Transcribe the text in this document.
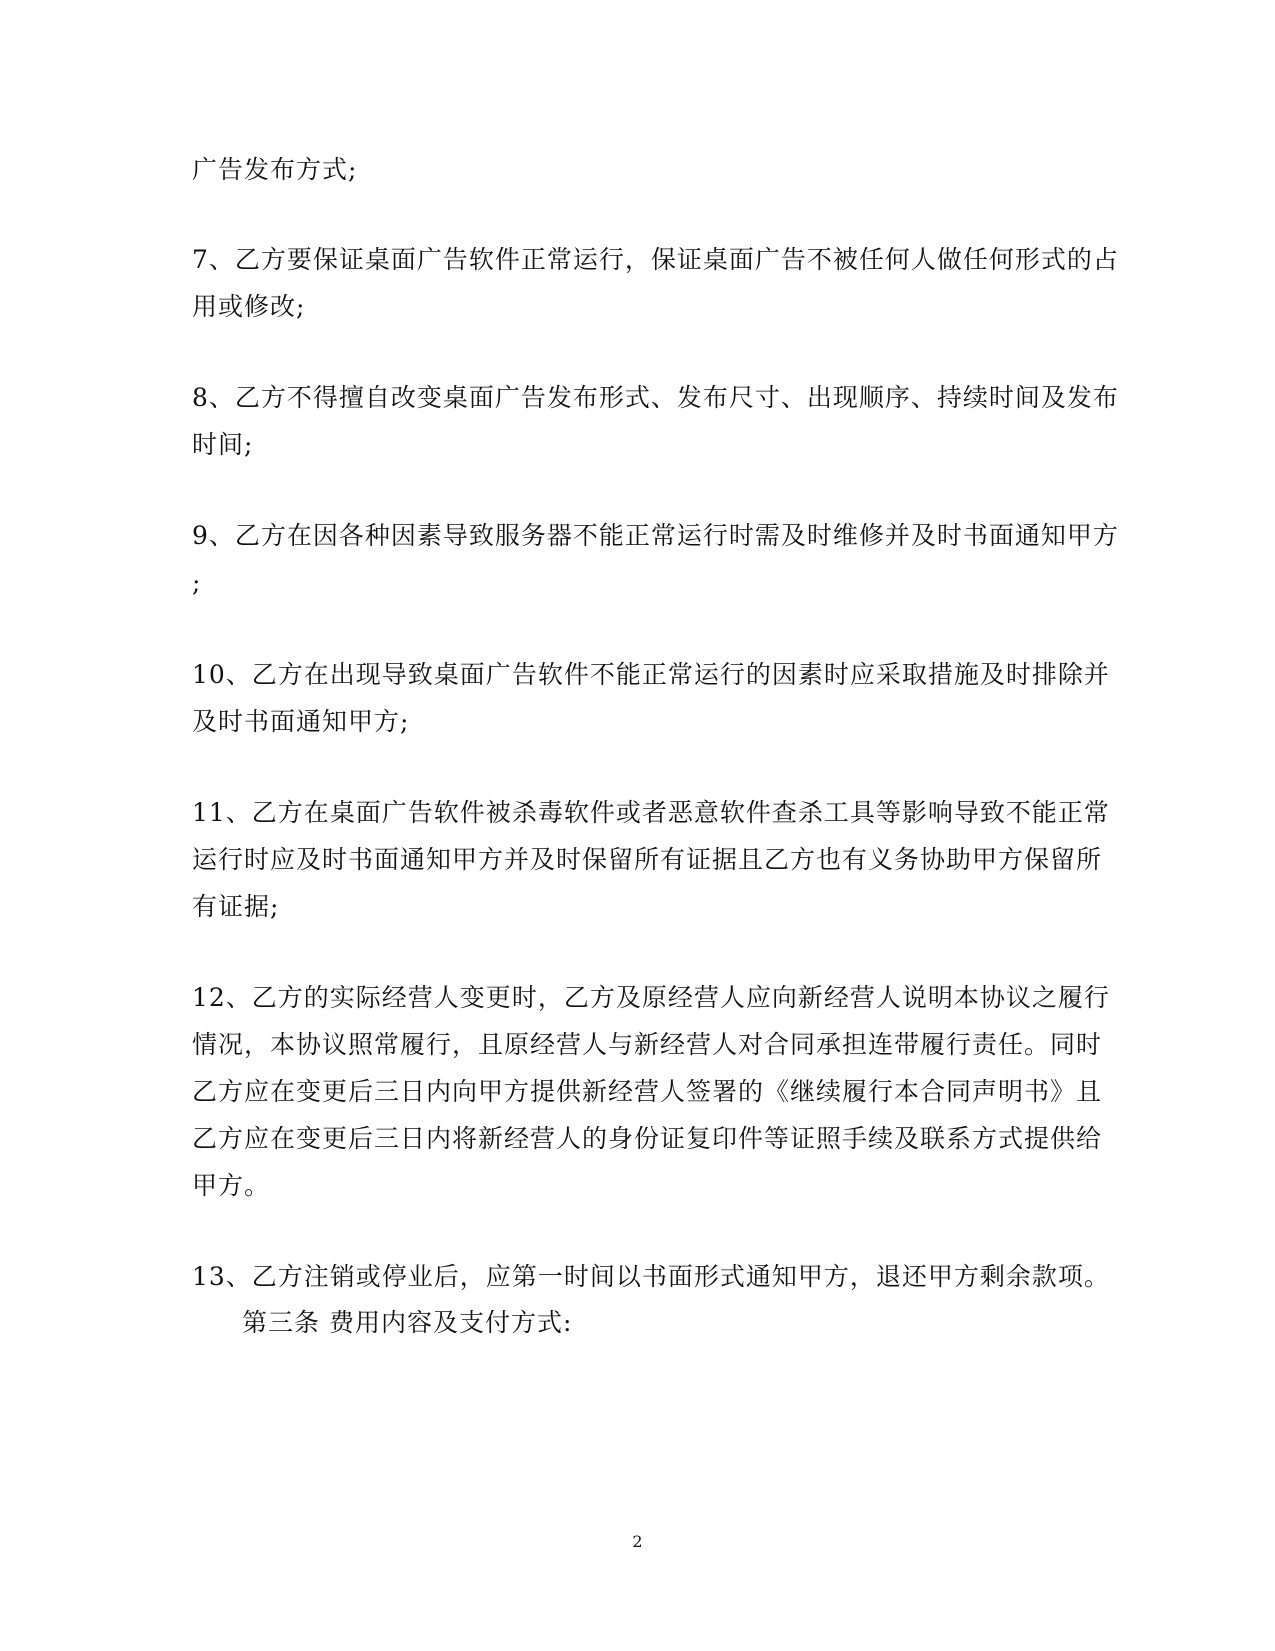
广告发布方式;
7、乙方要保证桌面广告软件正常运行，保证桌面广告不被任何人做任何形式的占
用或修改;
8、乙方不得擅自改变桌面广告发布形式、发布尺寸、出现顺序、持续时间及发布
时间;
9、乙方在因各种因素导致服务器不能正常运行时需及时维修并及时书面通知甲方
;
10、乙方在出现导致桌面广告软件不能正常运行的因素时应采取措施及时排除并
及时书面通知甲方;
11、乙方在桌面广告软件被杀毒软件或者恶意软件查杀工具等影响导致不能正常
运行时应及时书面通知甲方并及时保留所有证据且乙方也有义务协助甲方保留所
有证据;
12、乙方的实际经营人变更时，乙方及原经营人应向新经营人说明本协议之履行
情况，本协议照常履行，且原经营人与新经营人对合同承担连带履行责任。同时
乙方应在变更后三日内向甲方提供新经营人签署的《继续履行本合同声明书》且
乙方应在变更后三日内将新经营人的身份证复印件等证照手续及联系方式提供给
甲方。
13、乙方注销或停业后，应第一时间以书面形式通知甲方，退还甲方剩余款项。
第三条 费用内容及支付方式:
2
